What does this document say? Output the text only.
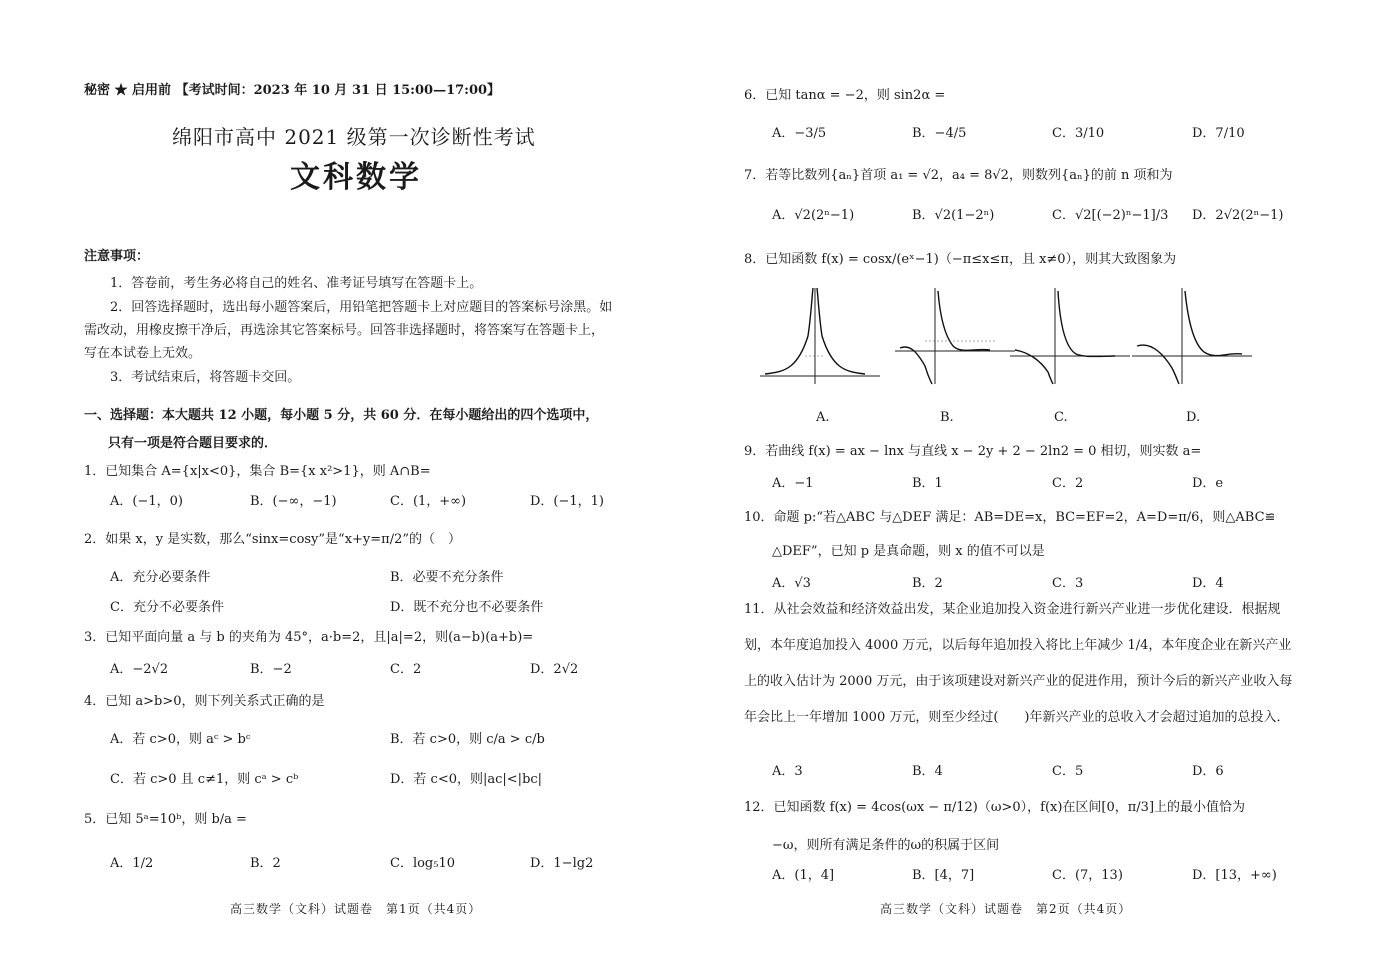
秘密 ★ 启用前 【考试时间：2023 年 10 月 31 日 15:00—17:00】
绵阳市高中 2021 级第一次诊断性考试
文科数学
注意事项：
1．答卷前，考生务必将自己的姓名、准考证号填写在答题卡上。
2．回答选择题时，选出每小题答案后，用铅笔把答题卡上对应题目的答案标号涂黑。如需改动，用橡皮擦干净后，再选涂其它答案标号。回答非选择题时，将答案写在答题卡上，写在本试卷上无效。
3．考试结束后，将答题卡交回。
一、选择题：本大题共 12 小题，每小题 5 分，共 60 分．在每小题给出的四个选项中，
只有一项是符合题目要求的．
1．已知集合 A={x|x<0}，集合 B={x x²>1}，则 A∩B=
A．(−1，0)	B．(−∞，−1)	C．(1，+∞)	D．(−1，1)
2．如果 x，y 是实数，那么“sinx=cosy”是“x+y=π/2”的（　）
A．充分必要条件	B．必要不充分条件
C．充分不必要条件	D．既不充分也不必要条件
3．已知平面向量 a 与 b 的夹角为 45°，a·b=2，且|a|=2，则(a−b)(a+b)=
A．−2√2	B．−2	C．2	D．2√2
4．已知 a>b>0，则下列关系式正确的是
A．若 c>0，则 aᶜ > bᶜ	B．若 c>0，则 c/a > c/b
C．若 c>0 且 c≠1，则 cᵃ > cᵇ	D．若 c<0，则|ac|<|bc|
5．已知 5ᵃ=10ᵇ，则 b/a =
A．1/2	B．2	C．log₅10	D．1−lg2
高三数学（文科）试题卷　第1页（共4页）
6．已知 tanα = −2，则 sin2α =
A．−3/5	B．−4/5	C．3/10	D．7/10
7．若等比数列{aₙ}首项 a₁ = √2，a₄ = 8√2，则数列{aₙ}的前 n 项和为
A．√2(2ⁿ−1)	B．√2(1−2ⁿ)	C．√2[(−2)ⁿ−1]/3 D．2√2(2ⁿ−1)
8．已知函数 f(x) = cosx/(eˣ−1)（−π≤x≤π，且 x≠0），则其大致图象为
A.	B.	C.	D.
9．若曲线 f(x) = ax − lnx 与直线 x − 2y + 2 − 2ln2 = 0 相切，则实数 a=
A．−1	B．1	C．2	D．e
10．命题 p:“若△ABC 与△DEF 满足：AB=DE=x，BC=EF=2，A=D=π/6，则△ABC≌
△DEF”，已知 p 是真命题，则 x 的值不可以是
A．√3	B．2	C．3	D．4
11．从社会效益和经济效益出发，某企业追加投入资金进行新兴产业进一步优化建设．根据规划，本年度追加投入 4000 万元，以后每年追加投入将比上年减少 1/4，本年度企业在新兴产业上的收入估计为 2000 万元，由于该项建设对新兴产业的促进作用，预计今后的新兴产业收入每年会比上一年增加 1000 万元，则至少经过(　　)年新兴产业的总收入才会超过追加的总投入．
A．3	B．4	C．5	D．6
12．已知函数 f(x) = 4cos(ωx − π/12)（ω>0），f(x)在区间[0，π/3]上的最小值恰为
−ω，则所有满足条件的ω的积属于区间
A．(1，4]	B．[4，7]	C．(7，13)	D．[13，+∞)
高三数学（文科）试题卷　第2页（共4页）
